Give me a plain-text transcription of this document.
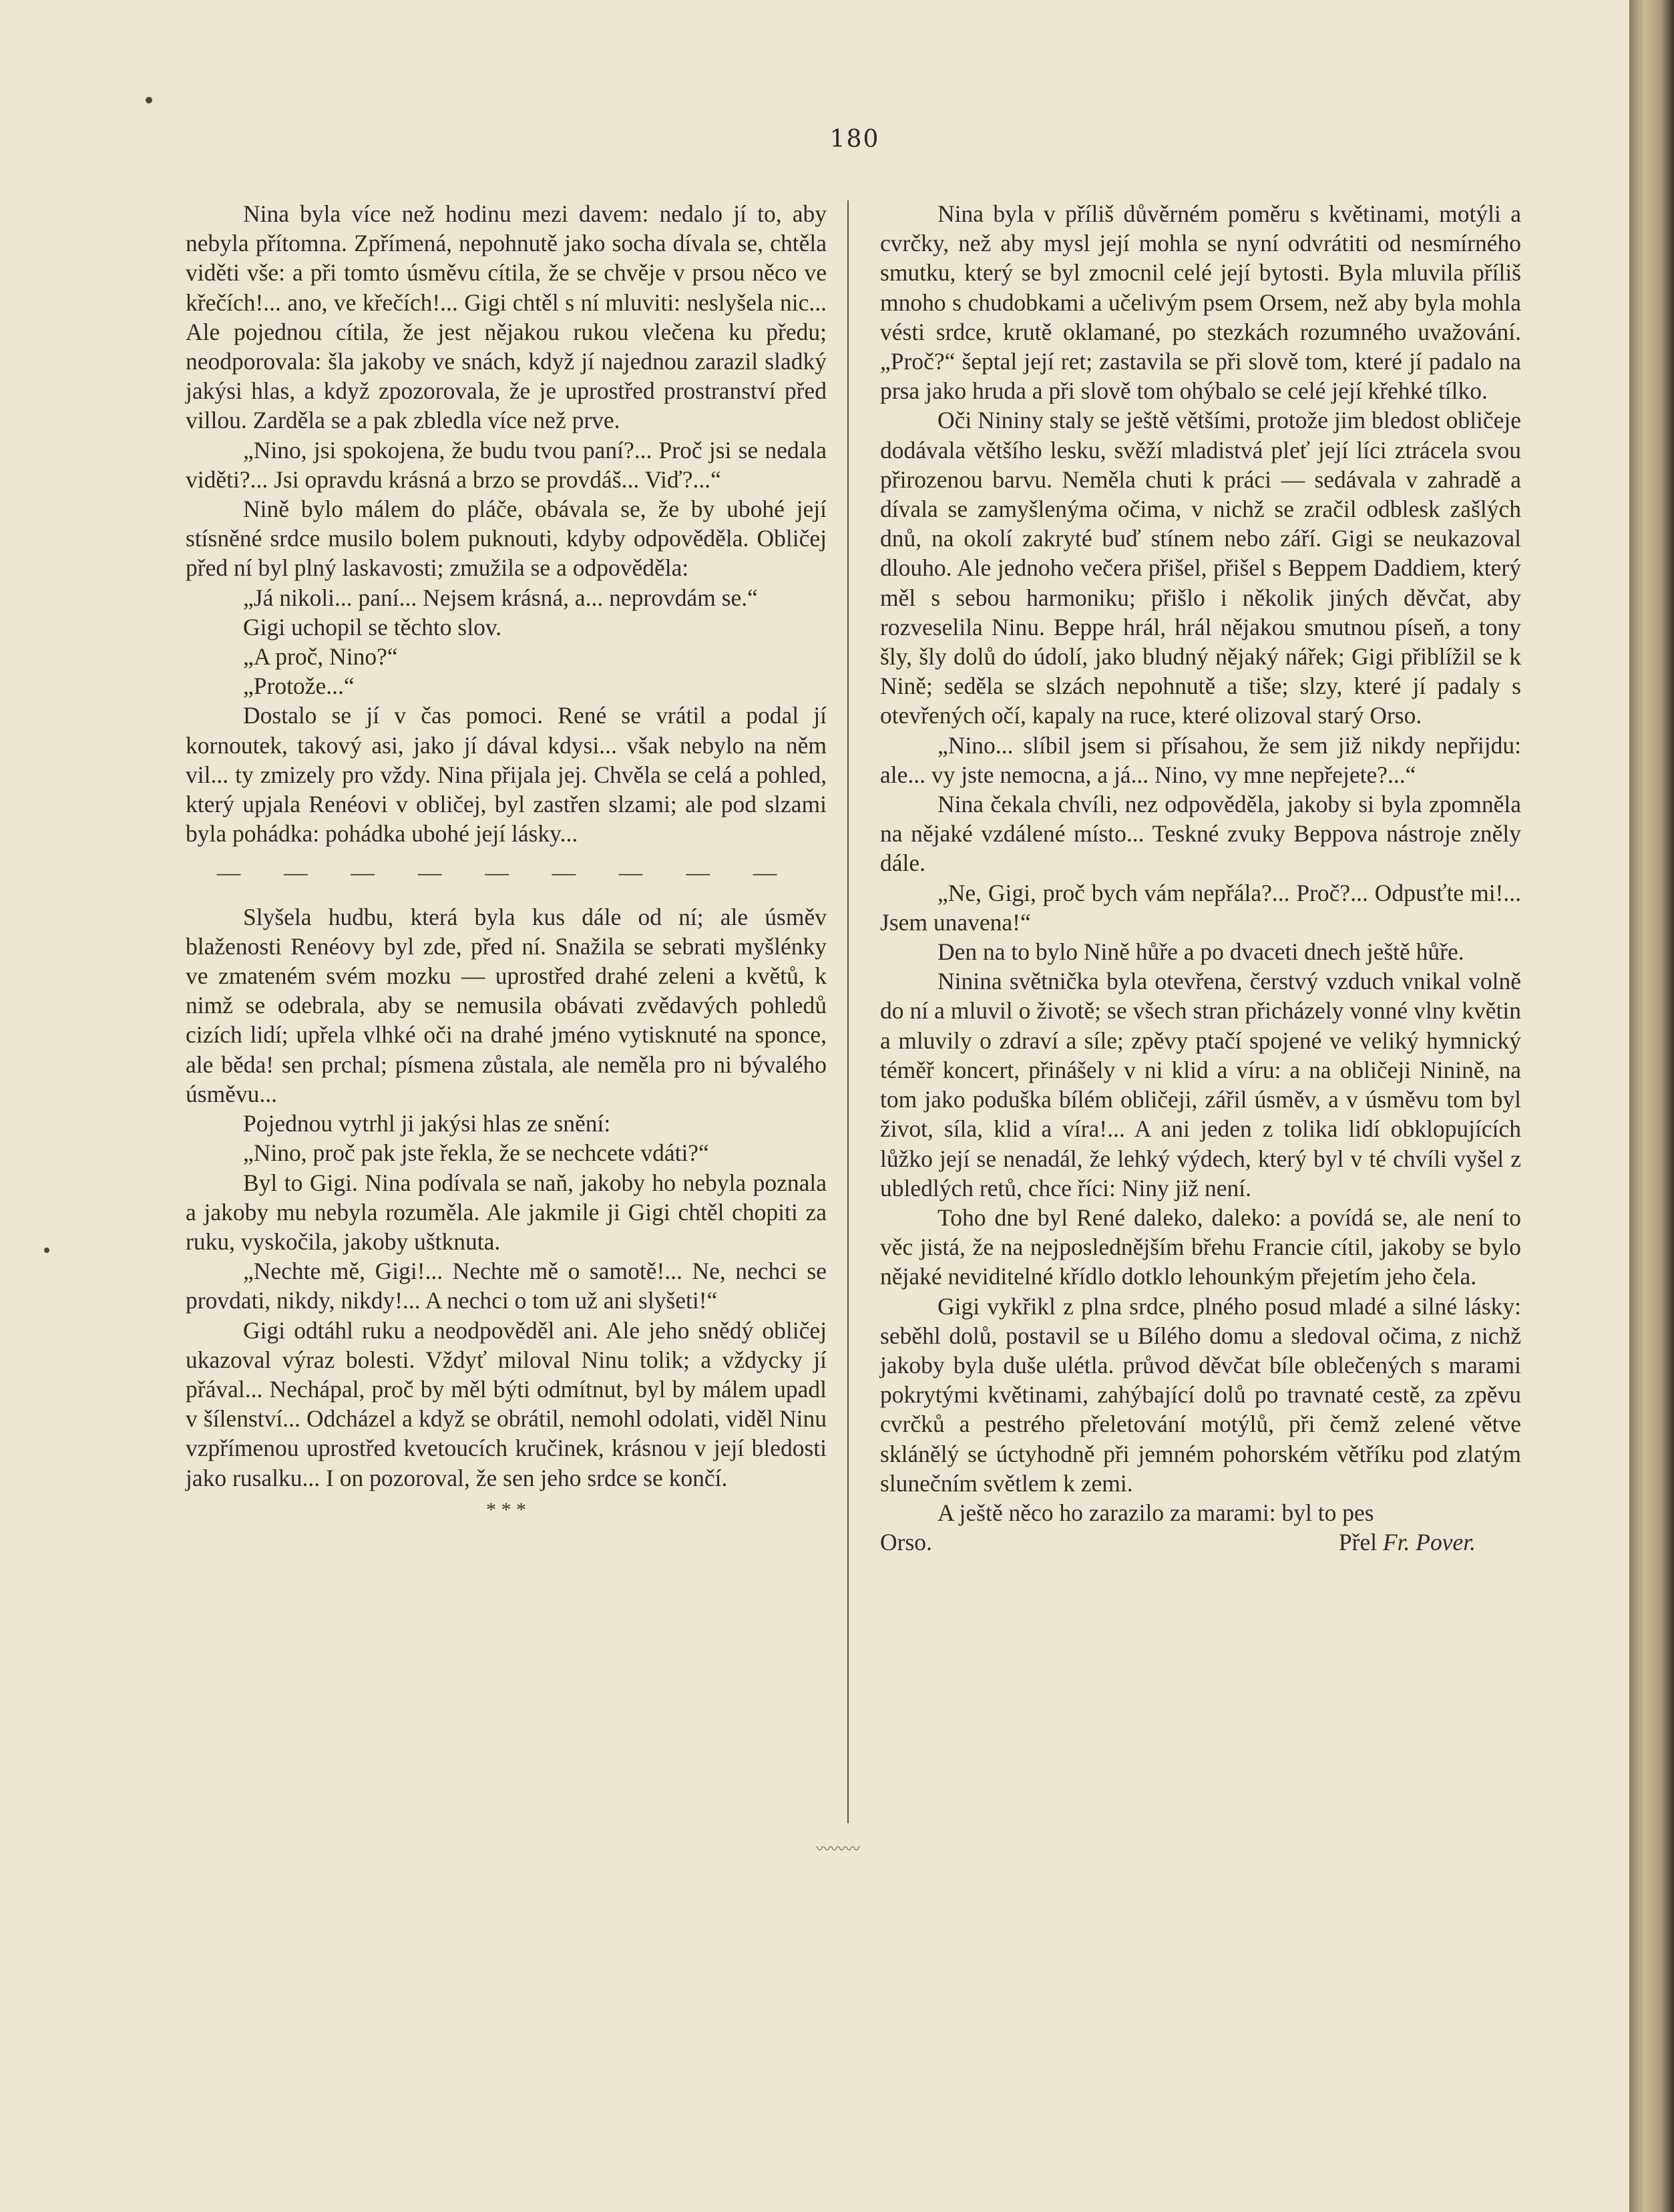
180

Nina byla více než hodinu mezi davem: nedalo jí to, aby nebyla přítomna. Zpřímená, nepohnutě jako socha dívala se, chtěla viděti vše: a při tomto úsměvu cítila, že se chvěje v prsou něco ve křečích!... ano, ve křečích!... Gigi chtěl s ní mluviti: neslyšela nic... Ale pojednou cítila, že jest nějakou rukou vlečena ku předu; neodporovala: šla jakoby ve snách, když jí najednou zarazil sladký jakýsi hlas, a když zpozorovala, že je uprostřed prostranství před villou. Zarděla se a pak zbledla více než prve.

„Nino, jsi spokojena, že budu tvou paní?... Proč jsi se nedala viděti?... Jsi opravdu krásná a brzo se provdáš... Viď?...“

Nině bylo málem do pláče, obávala se, že by ubohé její stísněné srdce musilo bolem puknouti, kdyby odpověděla. Obličej před ní byl plný laskavosti; zmužila se a odpověděla:

„Já nikoli... paní... Nejsem krásná, a... neprovdám se.“

Gigi uchopil se těchto slov.

„A proč, Nino?“

„Protože...“

Dostalo se jí v čas pomoci. René se vrátil a podal jí kornoutek, takový asi, jako jí dával kdysi... však nebylo na něm vil... ty zmizely pro vždy. Nina přijala jej. Chvěla se celá a pohled, který upjala Renéovi v obličej, byl zastřen slzami; ale pod slzami byla pohádka: pohádka ubohé její lásky...

— — — — — — — — —

Slyšela hudbu, která byla kus dále od ní; ale úsměv blaženosti Renéovy byl zde, před ní. Snažila se sebrati myšlénky ve zmateném svém mozku — uprostřed drahé zeleni a květů, k nimž se odebrala, aby se nemusila obávati zvědavých pohledů cizích lidí; upřela vlhké oči na drahé jméno vytisknuté na sponce, ale běda! sen prchal; písmena zůstala, ale neměla pro ni bývalého úsměvu...

Pojednou vytrhl ji jakýsi hlas ze snění:

„Nino, proč pak jste řekla, že se nechcete vdáti?“

Byl to Gigi. Nina podívala se naň, jakoby ho nebyla poznala a jakoby mu nebyla rozuměla. Ale jakmile ji Gigi chtěl chopiti za ruku, vyskočila, jakoby uštknuta.

„Nechte mě, Gigi!... Nechte mě o samotě!... Ne, nechci se provdati, nikdy, nikdy!... A nechci o tom už ani slyšeti!“

Gigi odtáhl ruku a neodpověděl ani. Ale jeho snědý obličej ukazoval výraz bolesti. Vždyť miloval Ninu tolik; a vždycky jí přával... Nechápal, proč by měl býti odmítnut, byl by málem upadl v šílenství... Odcházel a když se obrátil, nemohl odolati, viděl Ninu vzpřímenou uprostřed kvetoucích kručinek, krásnou v její bledosti jako rusalku... I on pozoroval, že sen jeho srdce se končí.

* * *

Nina byla v příliš důvěrném poměru s květinami, motýli a cvrčky, než aby mysl její mohla se nyní odvrátiti od nesmírného smutku, který se byl zmocnil celé její bytosti. Byla mluvila příliš mnoho s chudobkami a učelivým psem Orsem, než aby byla mohla vésti srdce, krutě oklamané, po stezkách rozumného uvažování. „Proč?“ šeptal její ret; zastavila se při slově tom, které jí padalo na prsa jako hruda a při slově tom ohýbalo se celé její křehké tílko.

Oči Nininy staly se ještě většími, protože jim bledost obličeje dodávala většího lesku, svěží mladistvá pleť její líci ztrácela svou přirozenou barvu. Neměla chuti k práci — sedávala v zahradě a dívala se zamyšlenýma očima, v nichž se zračil odblesk zašlých dnů, na okolí zakryté buď stínem nebo září. Gigi se neukazoval dlouho. Ale jednoho večera přišel, přišel s Beppem Daddiem, který měl s sebou harmoniku; přišlo i několik jiných děvčat, aby rozveselila Ninu. Beppe hrál, hrál nějakou smutnou píseň, a tony šly, šly dolů do údolí, jako bludný nějaký nářek; Gigi přiblížil se k Nině; seděla se slzách nepohnutě a tiše; slzy, které jí padaly s otevřených očí, kapaly na ruce, které olizoval starý Orso.

„Nino... slíbil jsem si přísahou, že sem již nikdy nepřijdu: ale... vy jste nemocna, a já... Nino, vy mne nepřejete?...“

Nina čekala chvíli, nez odpověděla, jakoby si byla zpomněla na nějaké vzdálené místo... Teskné zvuky Beppova nástroje zněly dále.

„Ne, Gigi, proč bych vám nepřála?... Proč?... Odpusťte mi!... Jsem unavena!“

Den na to bylo Nině hůře a po dvaceti dnech ještě hůře.

Ninina světnička byla otevřena, čerstvý vzduch vnikal volně do ní a mluvil o životě; se všech stran přicházely vonné vlny květin a mluvily o zdraví a síle; zpěvy ptačí spojené ve veliký hymnický téměř koncert, přinášely v ni klid a víru: a na obličeji Ninině, na tom jako poduška bílém obličeji, zářil úsměv, a v úsměvu tom byl život, síla, klid a víra!... A ani jeden z tolika lidí obklopujících lůžko její se nenadál, že lehký výdech, který byl v té chvíli vyšel z ubledlých retů, chce říci: Niny již není.

Toho dne byl René daleko, daleko: a povídá se, ale není to věc jistá, že na nejposlednějším břehu Francie cítil, jakoby se bylo nějaké neviditelné křídlo dotklo lehounkým přejetím jeho čela.

Gigi vykřikl z plna srdce, plného posud mladé a silné lásky: seběhl dolů, postavil se u Bílého domu a sledoval očima, z nichž jakoby byla duše ulétla. průvod děvčat bíle oblečených s marami pokrytými květinami, zahýbající dolů po travnaté cestě, za zpěvu cvrčků a pestrého přeletování motýlů, při čemž zelené větve sklánělý se úctyhodně při jemném pohorském větříku pod zlatým slunečním světlem k zemi.

A ještě něco ho zarazilo za marami: byl to pes

Orso.	Přel Fr. Pover.

〰〰〰
